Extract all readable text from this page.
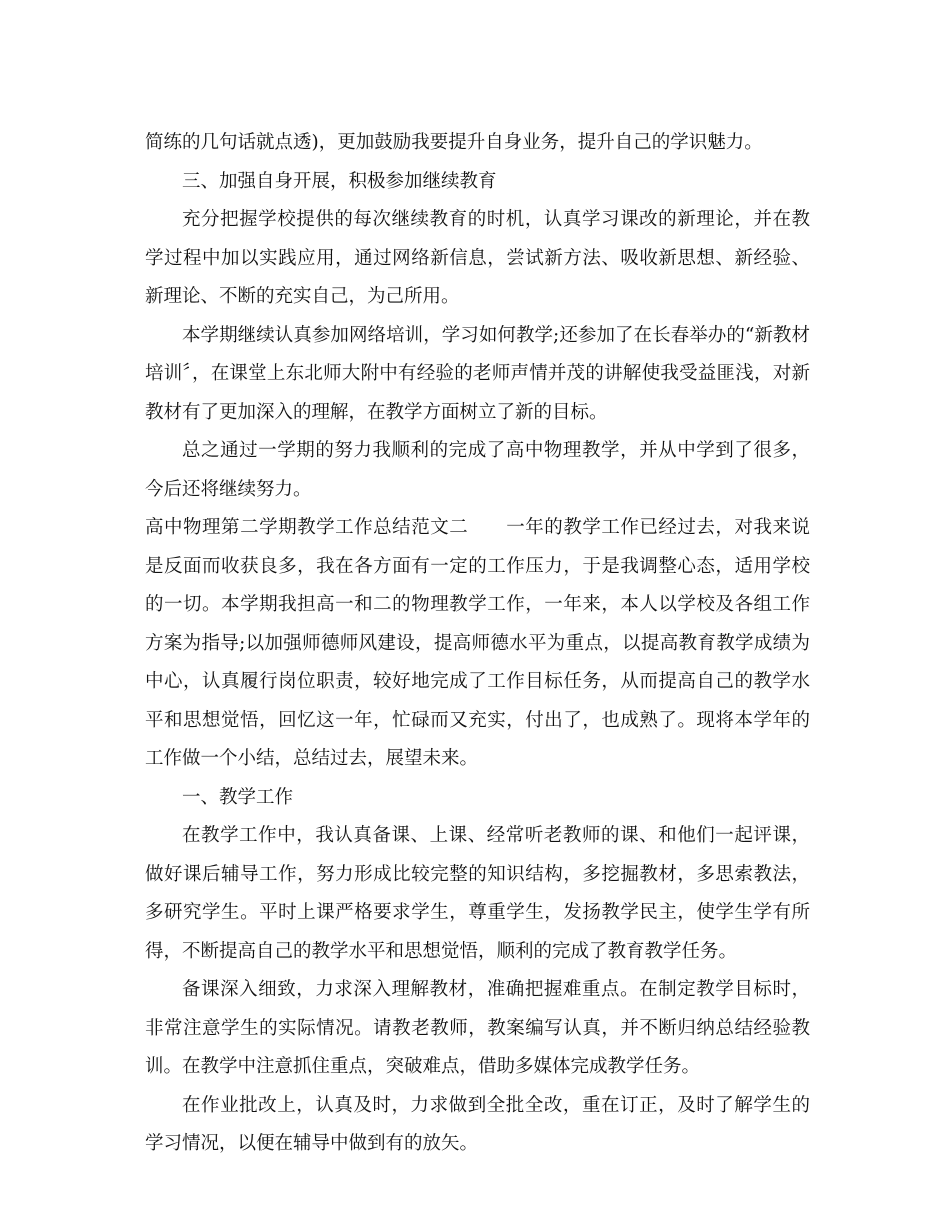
简练的几句话就点透)，更加鼓励我要提升自身业务，提升自己的学识魅力。

三、加强自身开展，积极参加继续教育

充分把握学校提供的每次继续教育的时机，认真学习课改的新理论，并在教学过程中加以实践应用，通过网络新信息，尝试新方法、吸收新思想、新经验、新理论、不断的充实自己，为己所用。

本学期继续认真参加网络培训，学习如何教学;还参加了在长春举办的“新教材培训〞，在课堂上东北师大附中有经验的老师声情并茂的讲解使我受益匪浅，对新教材有了更加深入的理解，在教学方面树立了新的目标。

总之通过一学期的努力我顺利的完成了高中物理教学，并从中学到了很多，今后还将继续努力。

高中物理第二学期教学工作总结范文二　　一年的教学工作已经过去，对我来说是反面而收获良多，我在各方面有一定的工作压力，于是我调整心态，适用学校的一切。本学期我担高一和二的物理教学工作，一年来，本人以学校及各组工作方案为指导;以加强师德师风建设，提高师德水平为重点，以提高教育教学成绩为中心，认真履行岗位职责，较好地完成了工作目标任务，从而提高自己的教学水平和思想觉悟，回忆这一年，忙碌而又充实，付出了，也成熟了。现将本学年的工作做一个小结，总结过去，展望未来。

一、教学工作

在教学工作中，我认真备课、上课、经常听老教师的课、和他们一起评课，做好课后辅导工作，努力形成比较完整的知识结构，多挖掘教材，多思索教法，多研究学生。平时上课严格要求学生，尊重学生，发扬教学民主，使学生学有所得，不断提高自己的教学水平和思想觉悟，顺利的完成了教育教学任务。

备课深入细致，力求深入理解教材，准确把握难重点。在制定教学目标时，非常注意学生的实际情况。请教老教师，教案编写认真，并不断归纳总结经验教训。在教学中注意抓住重点，突破难点，借助多媒体完成教学任务。

在作业批改上，认真及时，力求做到全批全改，重在订正，及时了解学生的学习情况，以便在辅导中做到有的放矢。
